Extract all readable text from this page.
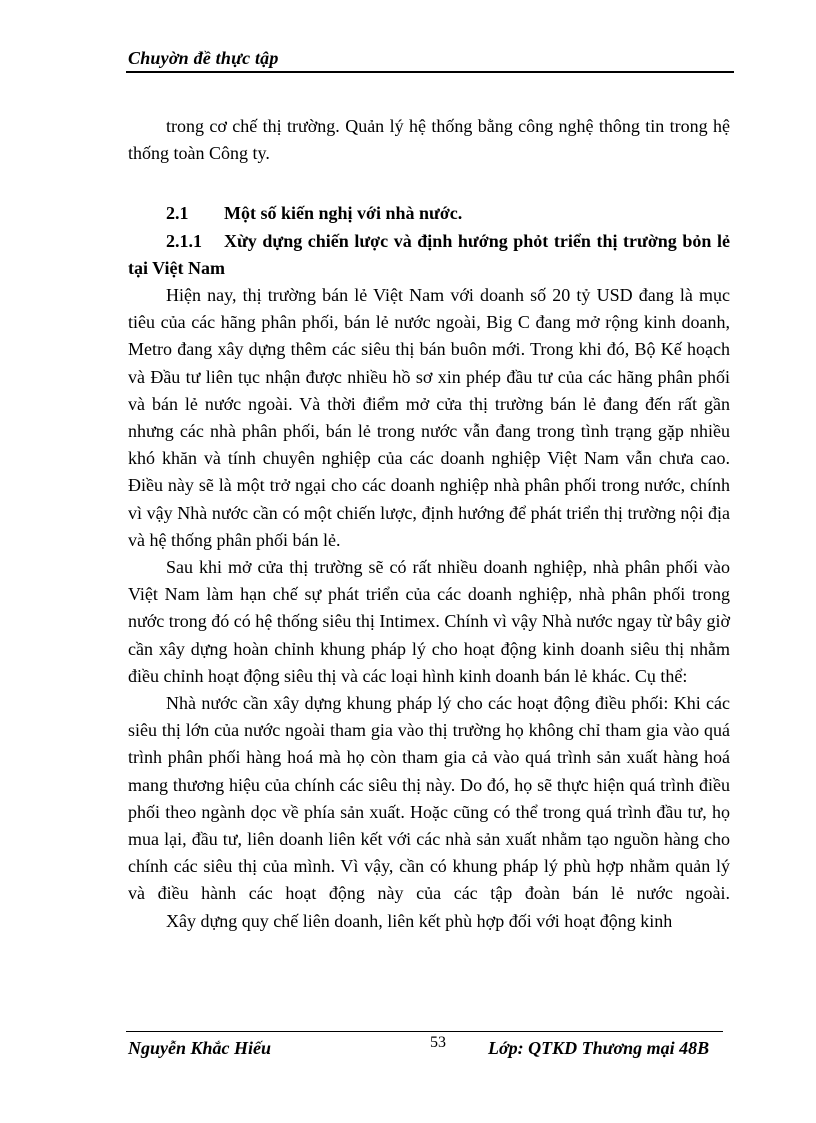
Chuyờn đề thực tập

trong cơ chế thị trường. Quản lý hệ thống bằng công nghệ thông tin trong hệ thống toàn Công ty.

2.1 Một số kiến nghị với nhà nước.

2.1.1 Xừy dựng chiến lược và định hướng phỏt triển thị trường bỏn lẻ tại Việt Nam

Hiện nay, thị trường bán lẻ Việt Nam với doanh số 20 tỷ USD đang là mục tiêu của các hãng phân phối, bán lẻ nước ngoài, Big C đang mở rộng kinh doanh, Metro đang xây dựng thêm các siêu thị bán buôn mới. Trong khi đó, Bộ Kế hoạch và Đầu tư liên tục nhận được nhiều hồ sơ xin phép đầu tư của các hãng phân phối và bán lẻ nước ngoài. Và thời điểm mở cửa thị trường bán lẻ đang đến rất gần nhưng các nhà phân phối, bán lẻ trong nước vẫn đang trong tình trạng gặp nhiều khó khăn và tính chuyên nghiệp của các doanh nghiệp Việt Nam vẫn chưa cao. Điều này sẽ là một trở ngại cho các doanh nghiệp nhà phân phối trong nước, chính vì vậy Nhà nước cần có một chiến lược, định hướng để phát triển thị trường nội địa và hệ thống phân phối bán lẻ.

Sau khi mở cửa thị trường sẽ có rất nhiều doanh nghiệp, nhà phân phối vào Việt Nam làm hạn chế sự phát triển của các doanh nghiệp, nhà phân phối trong nước trong đó có hệ thống siêu thị Intimex. Chính vì vậy Nhà nước ngay từ bây giờ cần xây dựng hoàn chỉnh khung pháp lý cho hoạt động kinh doanh siêu thị nhằm điều chỉnh hoạt động siêu thị và các loại hình kinh doanh bán lẻ khác. Cụ thể:

Nhà nước cần xây dựng khung pháp lý cho các hoạt động điều phối: Khi các siêu thị lớn của nước ngoài tham gia vào thị trường họ không chỉ tham gia vào quá trình phân phối hàng hoá mà họ còn tham gia cả vào quá trình sản xuất hàng hoá mang thương hiệu của chính các siêu thị này. Do đó, họ sẽ thực hiện quá trình điều phối theo ngành dọc về phía sản xuất. Hoặc cũng có thể trong quá trình đầu tư, họ mua lại, đầu tư, liên doanh liên kết với các nhà sản xuất nhằm tạo nguồn hàng cho chính các siêu thị của mình. Vì vậy, cần có khung pháp lý phù hợp nhằm quản lý và điều hành các hoạt động này của các tập đoàn bán lẻ nước ngoài.

Xây dựng quy chế liên doanh, liên kết phù hợp đối với hoạt động kinh

Nguyễn Khắc Hiếu	53 Lớp: QTKD Thương mại 48B
